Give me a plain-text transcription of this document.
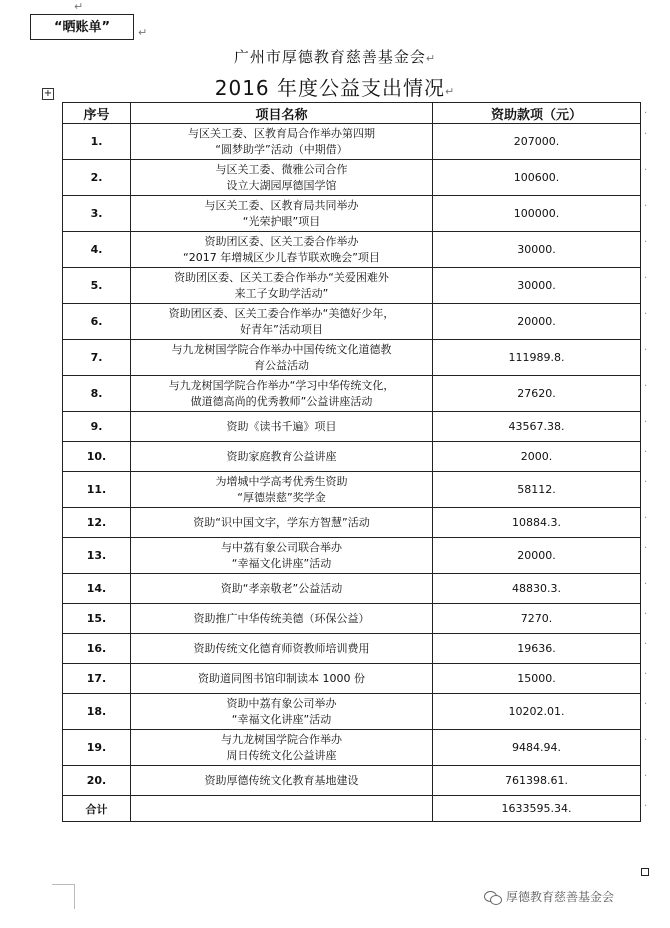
↵
“晒账单”	↵
广州市厚德教育慈善基金会↵
2016 年度公益支出情况↵
+
序号	项目名称	资助款项（元）
1.	与区关工委、区教育局合作举办第四期
“圆梦助学”活动（中期借）	207000.
2.	与区关工委、微雅公司合作
设立大湖园厚德国学馆	100600.
3.	与区关工委、区教育局共同举办
“光荣护眼”项目	100000.
4.	资助团区委、区关工委合作举办
“2017 年增城区少儿春节联欢晚会”项目	30000.
5.	资助团区委、区关工委合作举办“关爱困难外
来工子女助学活动”	30000.
6.	资助团区委、区关工委合作举办“美德好少年，
好青年”活动项目	20000.
7.	与九龙树国学院合作举办中国传统文化道德教
育公益活动	111989.8.
8.	与九龙树国学院合作举办“学习中华传统文化，
做道德高尚的优秀教师”公益讲座活动	27620.
9.	资助《读书千遍》项目	43567.38.
10.	资助家庭教育公益讲座	2000.
11.	为增城中学高考优秀生资助
“厚德崇慈”奖学金	58112.
12.	资助“识中国文字，学东方智慧”活动	10884.3.
13.	与中荔有象公司联合举办
“幸福文化讲座”活动	20000.
14.	资助“孝亲敬老”公益活动	48830.3.
15.	资助推广中华传统美德（环保公益）	7270.
16.	资助传统文化德育师资教师培训费用	19636.
17.	资助道同图书馆印制读本 1000 份	15000.
18.	资助中荔有象公司举办
“幸福文化讲座”活动	10202.01.
19.	与九龙树国学院合作举办
周日传统文化公益讲座	9484.94.
20.	资助厚德传统文化教育基地建设	761398.61.
合计		1633595.34.
厚德教育慈善基金会
.
.
.
.
.
.
.
.
.
.
.
.
.
.
.
.
.
.
.
.
.
.
